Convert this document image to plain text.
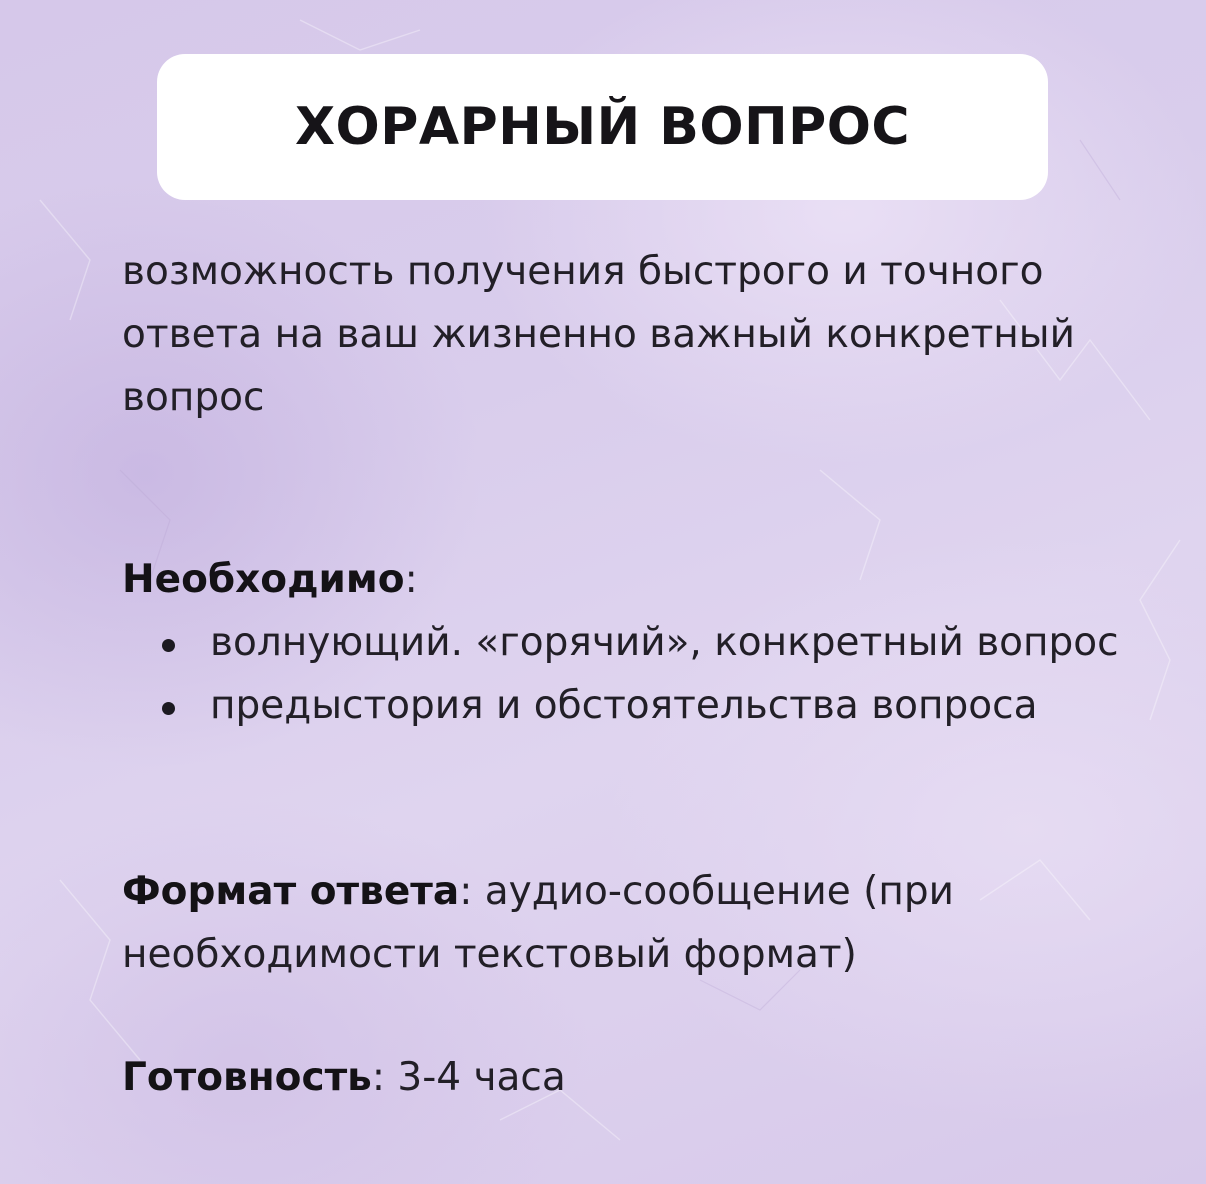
ХОРАРНЫЙ ВОПРОС
возможность получения быстрого и точного ответа на ваш жизненно важный конкретный вопрос
Необходимо:
волнующий. «горячий», конкретный вопрос
предыстория и обстоятельства вопроса
Формат ответа: аудио-сообщение (при необходимости текстовый формат)
Готовность: 3-4 часа
